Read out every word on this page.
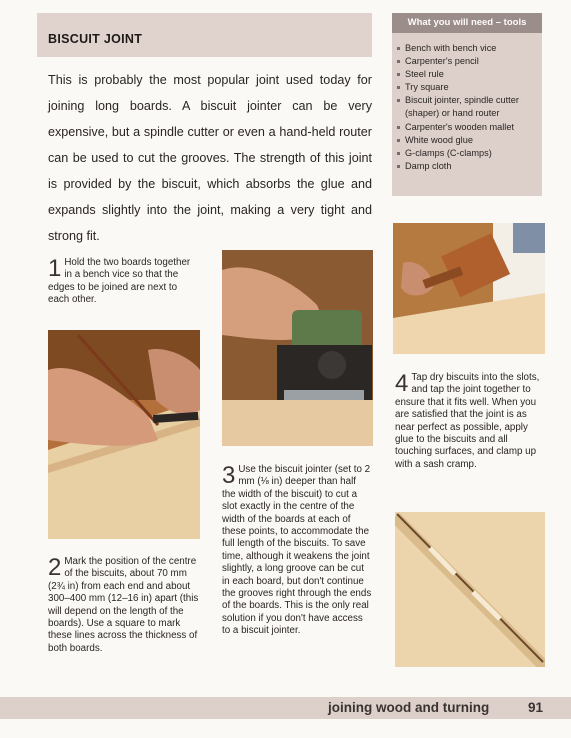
BISCUIT JOINT
This is probably the most popular joint used today for joining long boards. A biscuit jointer can be very expensive, but a spindle cutter or even a hand-held router can be used to cut the grooves. The strength of this joint is provided by the biscuit, which absorbs the glue and expands slightly into the joint, making a very tight and strong fit.
What you will need – tools
Bench with bench vice
Carpenter's pencil
Steel rule
Try square
Biscuit jointer, spindle cutter (shaper) or hand router
Carpenter's wooden mallet
White wood glue
G-clamps (C-clamps)
Damp cloth
1 Hold the two boards together in a bench vice so that the edges to be joined are next to each other.
2 Mark the position of the centre of the biscuits, about 70 mm (2¾ in) from each end and about 300–400 mm (12–16 in) apart (this will depend on the length of the boards). Use a square to mark these lines across the thickness of both boards.
3 Use the biscuit jointer (set to 2 mm (⅛ in) deeper than half the width of the biscuit) to cut a slot exactly in the centre of the width of the boards at each of these points, to accommodate the full length of the biscuits. To save time, although it weakens the joint slightly, a long groove can be cut in each board, but don't continue the grooves right through the ends of the boards. This is the only real solution if you don't have access to a biscuit jointer.
4 Tap dry biscuits into the slots, and tap the joint together to ensure that it fits well. When you are satisfied that the joint is as near perfect as possible, apply glue to the biscuits and all touching surfaces, and clamp up with a sash cramp.
joining wood and turning	91
